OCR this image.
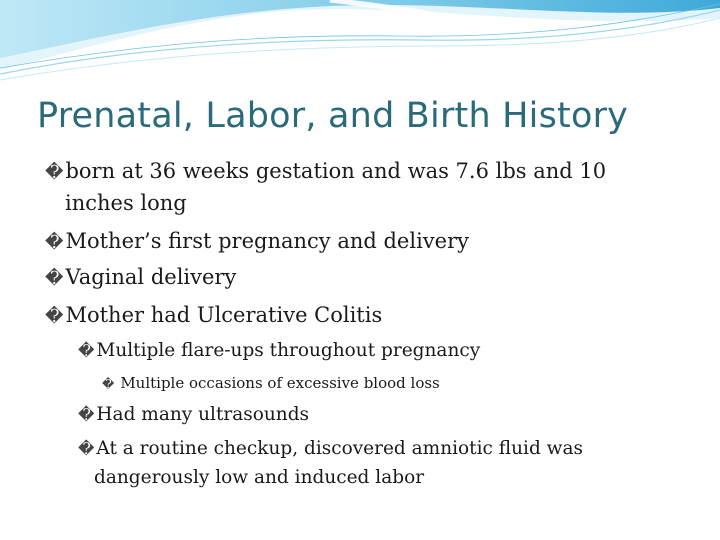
Prenatal, Labor, and Birth History
�born at 36 weeks gestation and was 7.6 lbs and 10
inches long
�Mother’s first pregnancy and delivery
�Vaginal delivery
�Mother had Ulcerative Colitis
� Multiple flare-ups throughout pregnancy
� Multiple occasions of excessive blood loss
� Had many ultrasounds
� At a routine checkup, discovered amniotic fluid was
dangerously low and induced labor
